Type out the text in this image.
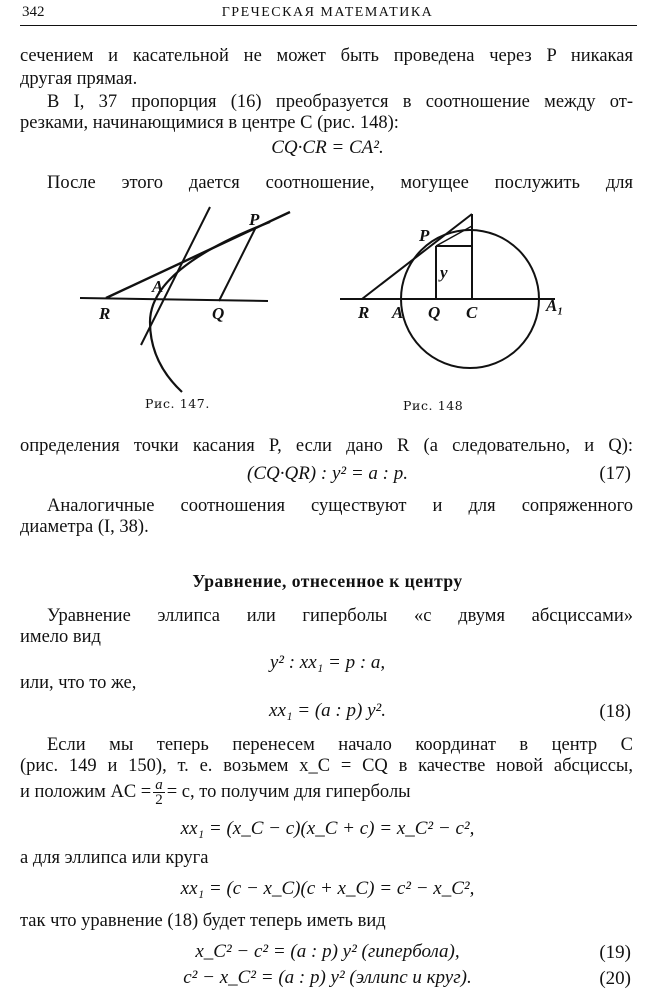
342	ГРЕЧЕСКАЯ МАТЕМАТИКА
сечением и касательной не может быть проведена через P никакая
другая прямая.
В I, 37 пропорция (16) преобразуется в соотношение между от-
резками, начинающимися в центре C (рис. 148):
CQ·CR = CA².
После этого дается соотношение, могущее послужить для
P
A
R	Q
P
y
R A Q C	A₁
Рис. 147.	Рис. 148
определения точки касания P, если дано R (а следовательно, и Q):
(CQ·QR) : y² = a : p.	(17)
Аналогичные соотношения существуют и для сопряженного
диаметра (I, 38).
Уравнение, отнесенное к центру
Уравнение эллипса или гиперболы «с двумя абсциссами»
имело вид
y² : xx₁ = p : a,
или, что то же,
xx₁ = (a : p) y².	(18)
Если мы теперь перенесем начало координат в центр C
(рис. 149 и 150), т. е. возьмем x_C = CQ в качестве новой абсциссы,
и положим AC = $\frac{a}{2} = c$, то получим для гиперболы
xx₁ = (x_C − c)(x_C + c) = x_C² − c²,
а для эллипса или круга
xx₁ = (c − x_C)(c + x_C) = c² − x_C²,
так что уравнение (18) будет теперь иметь вид
x_C² − c² = (a : p) y² (гипербола),	(19)
c² − x_C² = (a : p) y² (эллипс и круг).	(20)
